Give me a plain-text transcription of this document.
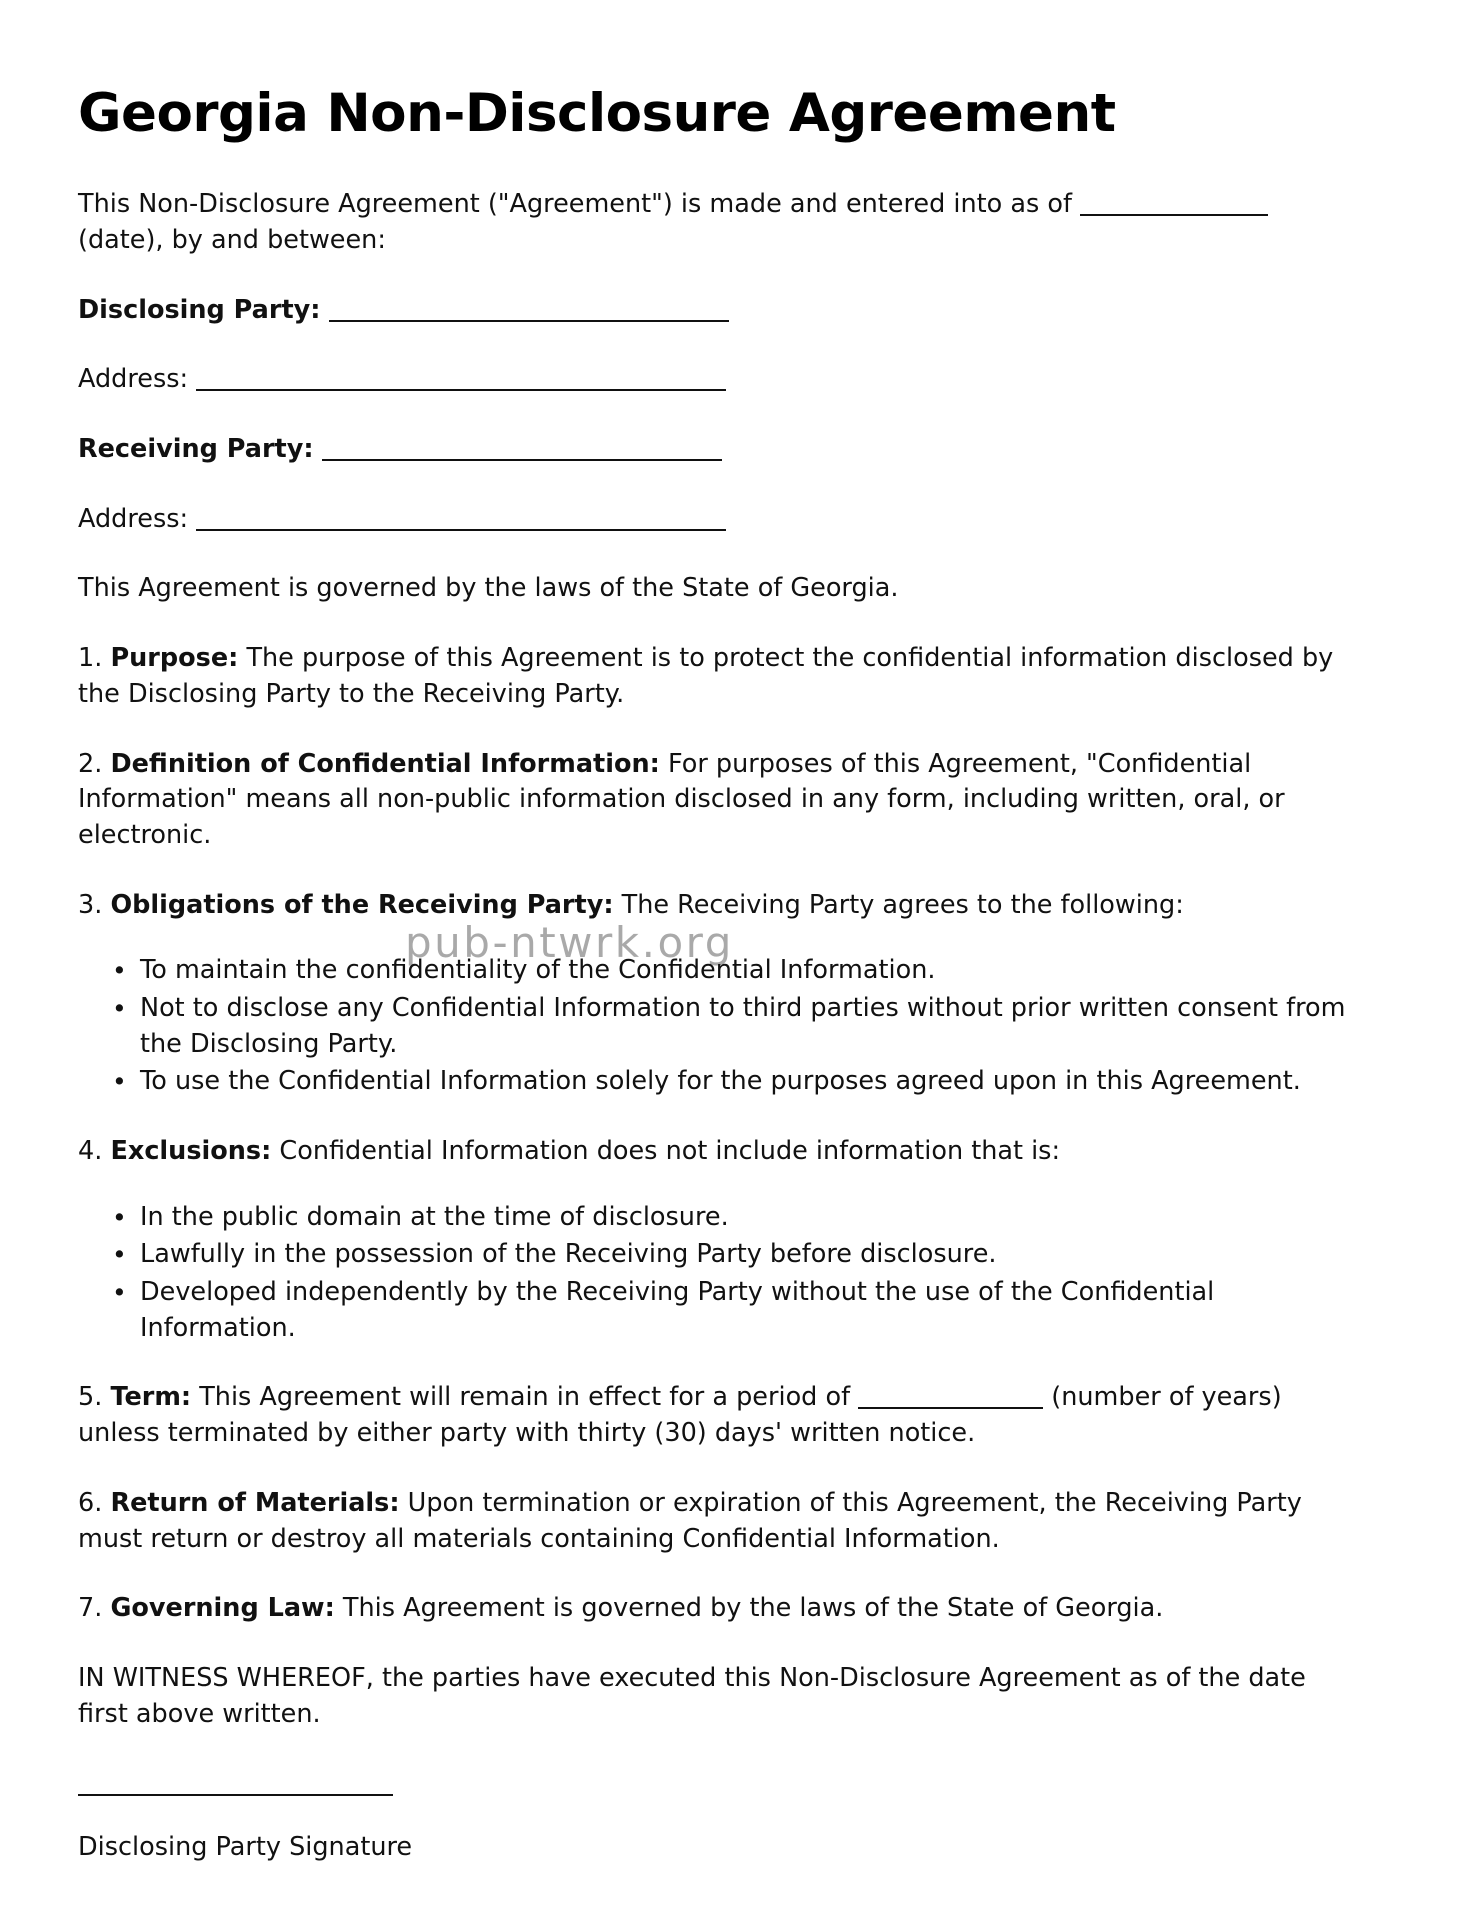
Georgia Non-Disclosure Agreement

This Non-Disclosure Agreement ("Agreement") is made and entered into as of  (date), by and between:

Disclosing Party:
Address:
Receiving Party:
Address:

This Agreement is governed by the laws of the State of Georgia.

1. Purpose: The purpose of this Agreement is to protect the confidential information disclosed by the Disclosing Party to the Receiving Party.

2. Definition of Confidential Information: For purposes of this Agreement, "Confidential Information" means all non-public information disclosed in any form, including written, oral, or electronic.

3. Obligations of the Receiving Party: The Receiving Party agrees to the following:

• To maintain the confidentiality of the Confidential Information.
• Not to disclose any Confidential Information to third parties without prior written consent from the Disclosing Party.
• To use the Confidential Information solely for the purposes agreed upon in this Agreement.

4. Exclusions: Confidential Information does not include information that is:

• In the public domain at the time of disclosure.
• Lawfully in the possession of the Receiving Party before disclosure.
• Developed independently by the Receiving Party without the use of the Confidential Information.

5. Term: This Agreement will remain in effect for a period of	(number of years) unless terminated by either party with thirty (30) days' written notice.

6. Return of Materials: Upon termination or expiration of this Agreement, the Receiving Party must return or destroy all materials containing Confidential Information.

7. Governing Law: This Agreement is governed by the laws of the State of Georgia.

IN WITNESS WHEREOF, the parties have executed this Non-Disclosure Agreement as of the date first above written.

Disclosing Party Signature
pub-ntwrk.org
